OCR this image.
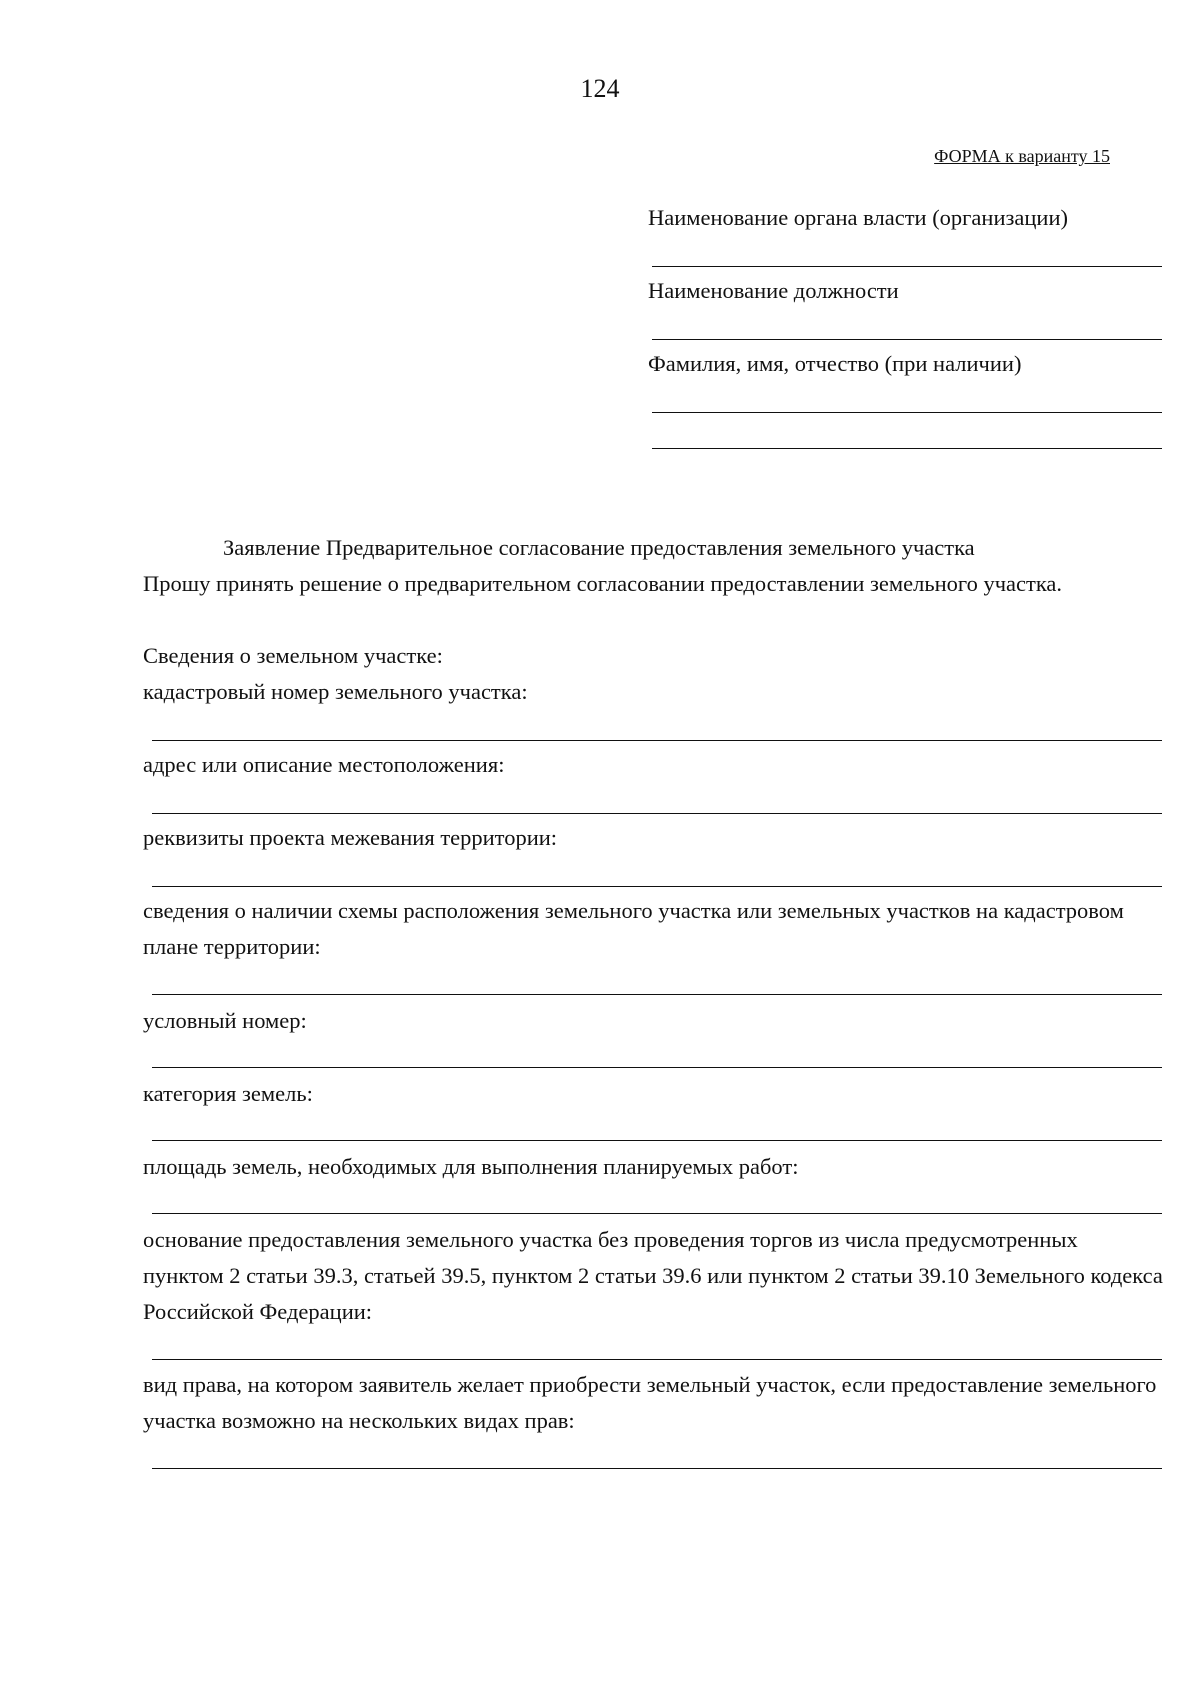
124
ФОРМА к варианту 15
Наименование органа власти (организации)
Наименование должности
Фамилия, имя, отчество (при наличии)
Заявление Предварительное согласование предоставления земельного участка
Прошу принять решение о предварительном согласовании предоставлении земельного участка.
Сведения о земельном участке:
кадастровый номер земельного участка:
адрес или описание местоположения:
реквизиты проекта межевания территории:
сведения о наличии схемы расположения земельного участка или земельных участков на кадастровом плане территории:
условный номер:
категория земель:
площадь земель, необходимых для выполнения планируемых работ:
основание предоставления земельного участка без проведения торгов из числа предусмотренных пунктом 2 статьи 39.3, статьей 39.5, пунктом 2 статьи 39.6 или пунктом 2 статьи 39.10 Земельного кодекса Российской Федерации:
вид права, на котором заявитель желает приобрести земельный участок, если предоставление земельного участка возможно на нескольких видах прав:
